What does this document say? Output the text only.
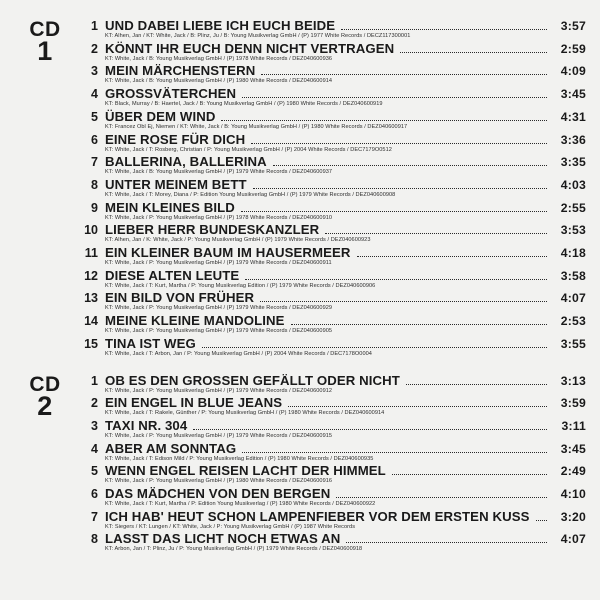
CD
1
1 UND DABEI LIEBE ICH EUCH BEIDE	3:57
KT: Alhen, Jan / KT: White, Jack / B: Plinz, Ju / B: Young Musikverlag GmbH / (P) 1977 White Records / DECZ117300001
2 KÖNNT IHR EUCH DENN NICHT VERTRAGEN	2:59
KT: White, Jack / B: Young Musikverlag GmbH / (P) 1978 White Records / DEZ040600936
3 MEIN MÄRCHENSTERN	4:09
KT: White, Jack / B: Young Musikverlag GmbH / (P) 1980 White Records / DEZ040600914
4 GROSSVÄTERCHEN	3:45
KT: Black, Murray / B: Haertel, Jack / B: Young Musikverlag GmbH / (P) 1980 White Records / DEZ040600919
5 ÜBER DEM WIND	4:31
KT: Francez Obl Ej, Niemen / KT: White, Jack / B: Young Musikverlag GmbH / (P) 1980 White Records / DEZ040600917
6 EINE ROSE FÜR DICH	3:36
KT: White, Jack / T: Rosberg, Christian / P: Young Musikverlag GmbH / (P) 2004 White Records / DEC7179O0512
7 BALLERINA, BALLERINA	3:35
KT: White, Jack / B: Young Musikverlag GmbH / (P) 1979 White Records / DEZ040600937
8 UNTER MEINEM BETT	4:03
KT: White, Jack / T: Morey, Diana / P: Edition Young Musikverlag GmbH / (P) 1979 White Records / DEZ040600908
9 MEIN KLEINES BILD	2:55
KT: White, Jack / P: Young Musikverlag GmbH / (P) 1978 White Records / DEZ040600910
10 LIEBER HERR BUNDESKANZLER	3:53
KT: Alhen, Jan / K: White, Jack / P: Young Musikverlag GmbH / (P) 1979 White Records / DEZ040600923
11 EIN KLEINER BAUM IM HAUSERMEER	4:18
KT: White, Jack / P: Young Musikverlag GmbH / (P) 1979 White Records / DEZ040600911
12 DIESE ALTEN LEUTE	3:58
KT: White, Jack / T: Kurt, Martha / P: Young Musikverlag Edition / (P) 1979 White Records / DEZ040600906
13 EIN BILD VON FRÜHER	4:07
KT: White, Jack / P: Young Musikverlag GmbH / (P) 1979 White Records / DEZ040600929
14 MEINE KLEINE MANDOLINE	2:53
KT: White, Jack / P: Young Musikverlag GmbH / (P) 1979 White Records / DEZ040600905
15 TINA IST WEG	3:55
KT: White, Jack / T: Arbon, Jan / P: Young Musikverlag GmbH / (P) 2004 White Records / DEC7178O0004
CD
2
1 OB ES DEN GROSSEN GEFÄLLT ODER NICHT	3:13
KT: White, Jack / P: Young Musikverlag GmbH / (P) 1979 White Records / DEZ040600912
2 EIN ENGEL IN BLUE JEANS	3:59
KT: White, Jack / T: Rakele, Günther / P: Young Musikverlag GmbH / (P) 1980 White Records / DEZ040600914
3 TAXI NR. 304	3:11
KT: White, Jack / P: Young Musikverlag GmbH / (P) 1979 White Records / DEZ040600915
4 ABER AM SONNTAG	3:45
KT: White, Jack / T: Edison Mild / P: Young Musikverlag Edition / (P) 1980 White Records / DEZ040600935
5 WENN ENGEL REISEN LACHT DER HIMMEL	2:49
KT: White, Jack / P: Young Musikverlag GmbH / (P) 1980 White Records / DEZ040600916
6 DAS MÄDCHEN VON DEN BERGEN	4:10
KT: White, Jack / T: Kurt, Martha / P: Edition Young Musikverlag / (P) 1980 White Records / DEZ040600922
7 ICH HAB' HEUT SCHON LAMPENFIEBER VOR DEM ERSTEN KUSS	3:20
KT: Siegers / KT: Lungen / KT: White, Jack / P: Young Musikverlag GmbH / (P) 1987 White Records
8 LASST DAS LICHT NOCH ETWAS AN	4:07
KT: Arbon, Jan / T: Plinz, Ju / P: Young Musikverlag GmbH / (P) 1979 White Records / DEZ040600918
